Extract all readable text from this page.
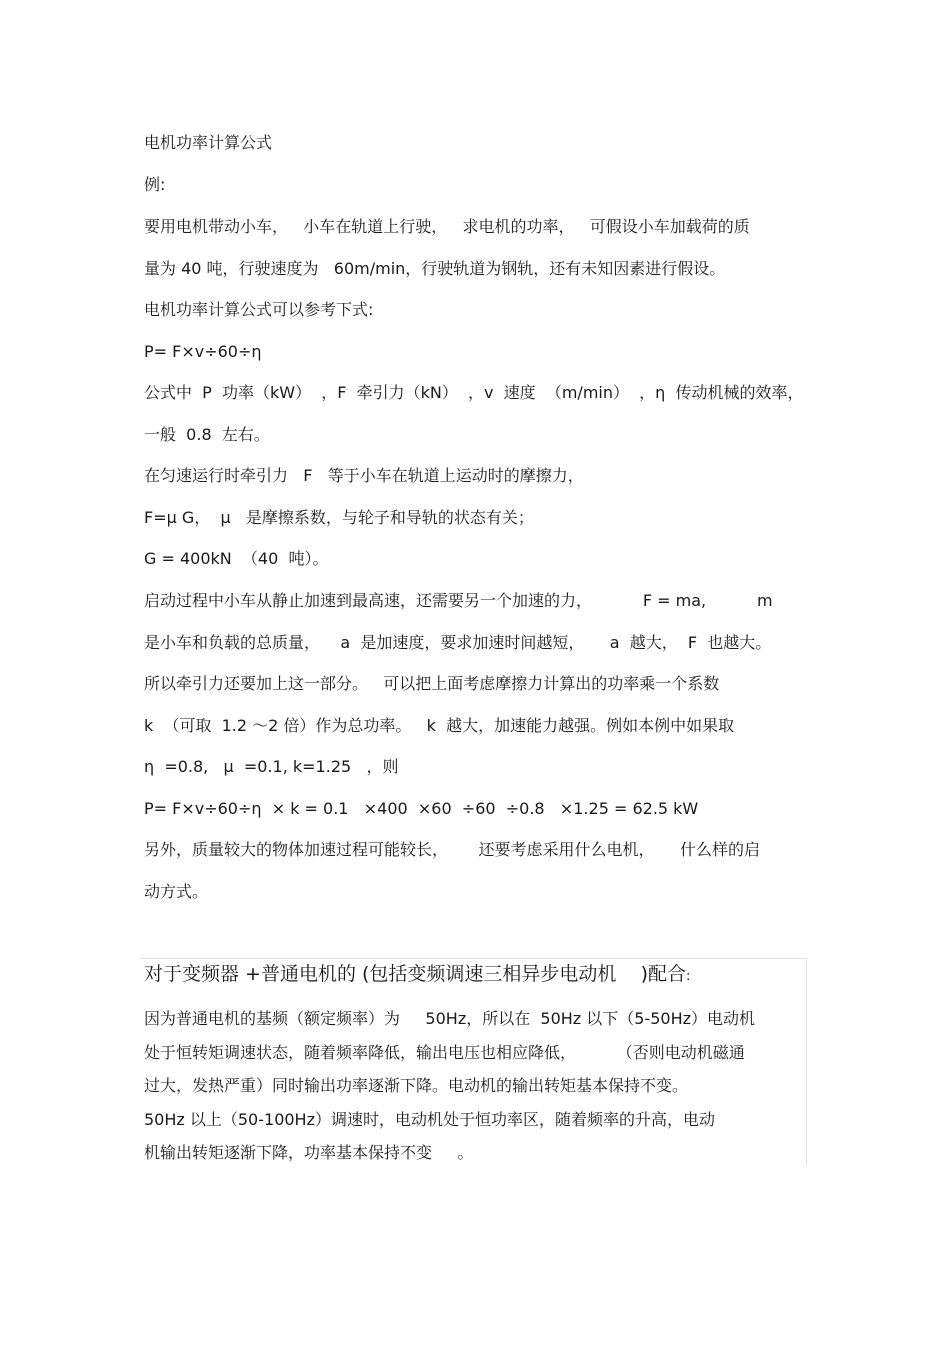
电机功率计算公式
例:
要用电机带动小车，   小车在轨道上行驶，   求电机的功率，   可假设小车加载荷的质
量为 40 吨，行驶速度为   60m/min，行驶轨道为钢轨，还有未知因素进行假设。
电机功率计算公式可以参考下式:
P= F×v÷60÷η
公式中  P  功率（kW）  ，F  牵引力（kN）  ，v  速度  （m/min）  ，η  传动机械的效率，
一般  0.8  左右。
在匀速运行时牵引力   F   等于小车在轨道上运动时的摩擦力，
F=μ G，  μ   是摩擦系数，与轮子和导轨的状态有关；
G = 400kN  （40  吨）。
启动过程中小车从静止加速到最高速，还需要另一个加速的力，          F = ma,          m
是小车和负载的总质量，    a  是加速度，要求加速时间越短，     a  越大，  F  也越大。
所以牵引力还要加上这一部分。   可以把上面考虑摩擦力计算出的功率乘一个系数
k  （可取  1.2 ～2 倍）作为总功率。   k  越大，加速能力越强。例如本例中如果取
η  =0.8,   μ  =0.1, k=1.25   ，则
P= F×v÷60÷η  × k = 0.1   ×400  ×60  ÷60  ÷0.8   ×1.25 = 62.5 kW
另外，质量较大的物体加速过程可能较长，      还要考虑采用什么电机，     什么样的启
动方式。
对于变频器 +普通电机的 (包括变频调速三相异步电动机    )配合:
因为普通电机的基频（额定频率）为     50Hz，所以在  50Hz 以下（5-50Hz）电动机
处于恒转矩调速状态，随着频率降低，输出电压也相应降低，        （否则电动机磁通
过大，发热严重）同时输出功率逐渐下降。电动机的输出转矩基本保持不变。
50Hz 以上（50-100Hz）调速时，电动机处于恒功率区，随着频率的升高，电动
机输出转矩逐渐下降，功率基本保持不变     。
